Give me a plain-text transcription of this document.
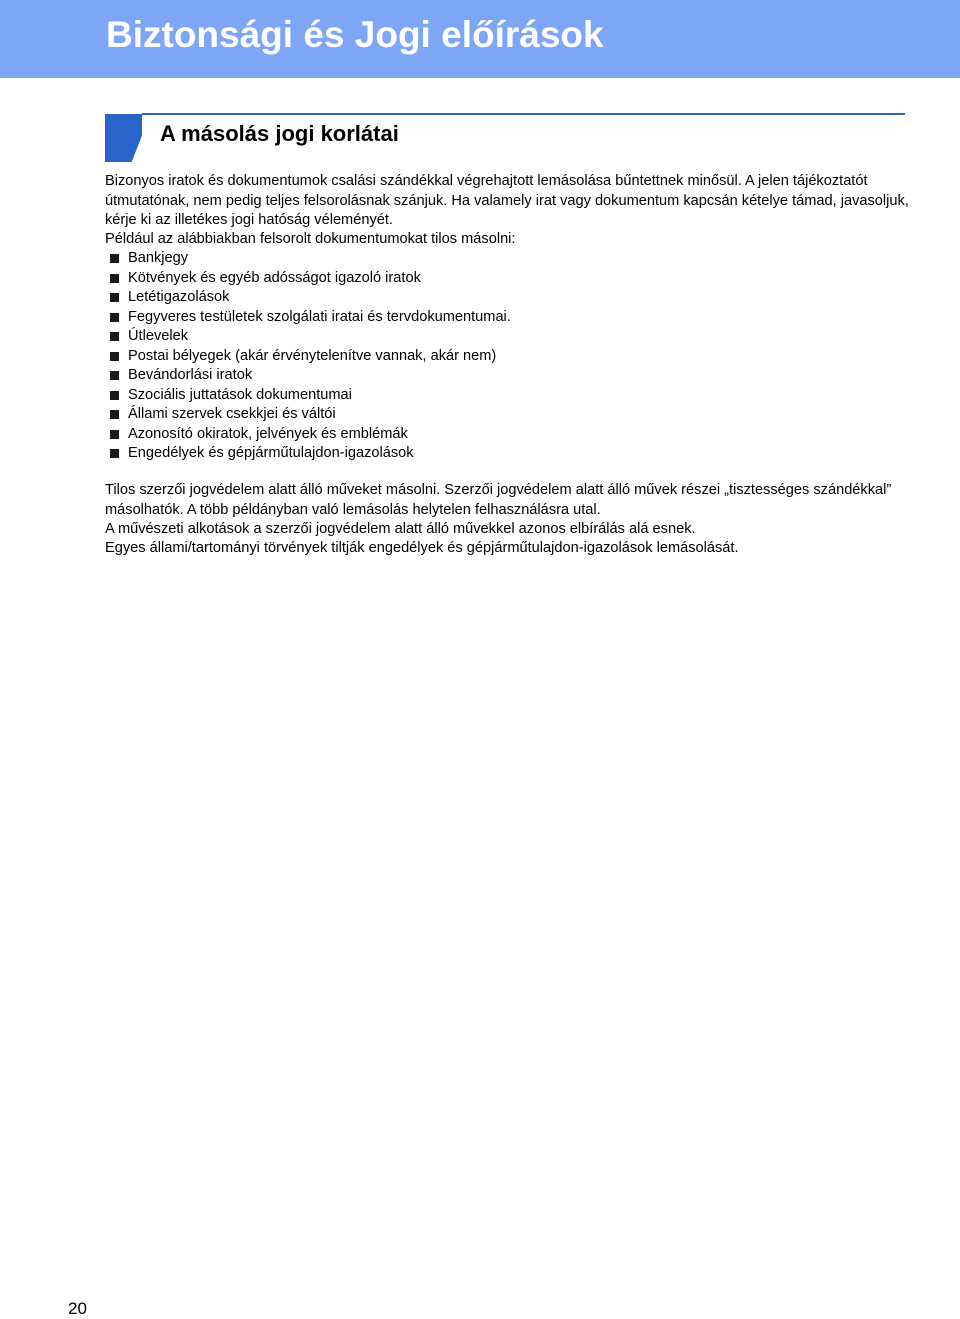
Biztonsági és Jogi előírások
A másolás jogi korlátai

Bizonyos iratok és dokumentumok csalási szándékkal végrehajtott lemásolása bűntettnek minősül. A jelen tájékoztatót útmutatónak, nem pedig teljes felsorolásnak szánjuk. Ha valamely irat vagy dokumentum kapcsán kételye támad, javasoljuk, kérje ki az illetékes jogi hatóság véleményét.

Például az alábbiakban felsorolt dokumentumokat tilos másolni:

Bankjegy
Kötvények és egyéb adósságot igazoló iratok
Letétigazolások
Fegyveres testületek szolgálati iratai és tervdokumentumai.
Útlevelek
Postai bélyegek (akár érvénytelenítve vannak, akár nem)
Bevándorlási iratok
Szociális juttatások dokumentumai
Állami szervek csekkjei és váltói
Azonosító okiratok, jelvények és emblémák
Engedélyek és gépjárműtulajdon-igazolások

Tilos szerzői jogvédelem alatt álló műveket másolni. Szerzői jogvédelem alatt álló művek részei „tisztességes szándékkal” másolhatók. A több példányban való lemásolás helytelen felhasználásra utal.

A művészeti alkotások a szerzői jogvédelem alatt álló művekkel azonos elbírálás alá esnek.

Egyes állami/tartományi törvények tiltják engedélyek és gépjárműtulajdon-igazolások lemásolását.

20
